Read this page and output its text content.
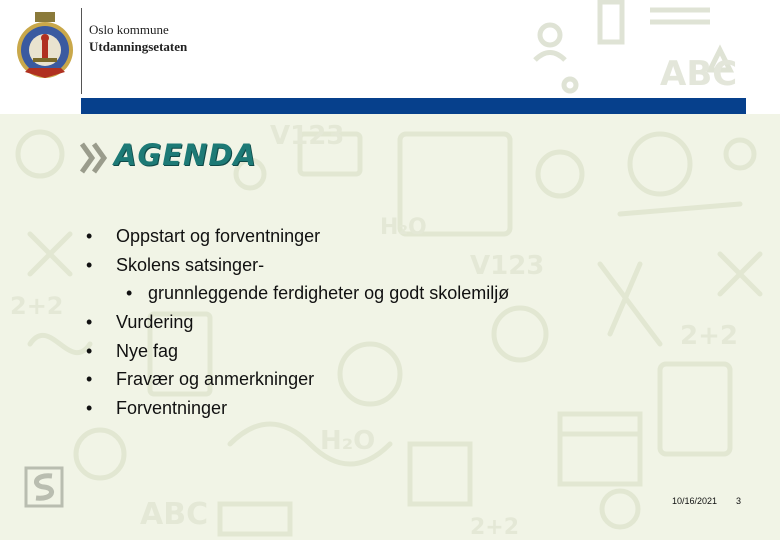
Oslo kommune
Utdanningsetaten
ABC
V123
V123
H₂O
2+2
2+2
2+2
ABC
H₂O
AGENDA
• Oppstart og forventninger
• Skolens satsinger-
• grunnleggende ferdigheter og godt skolemiljø
• Vurdering
• Nye fag
• Fravær og anmerkninger
• Forventninger
10/16/2021 3
